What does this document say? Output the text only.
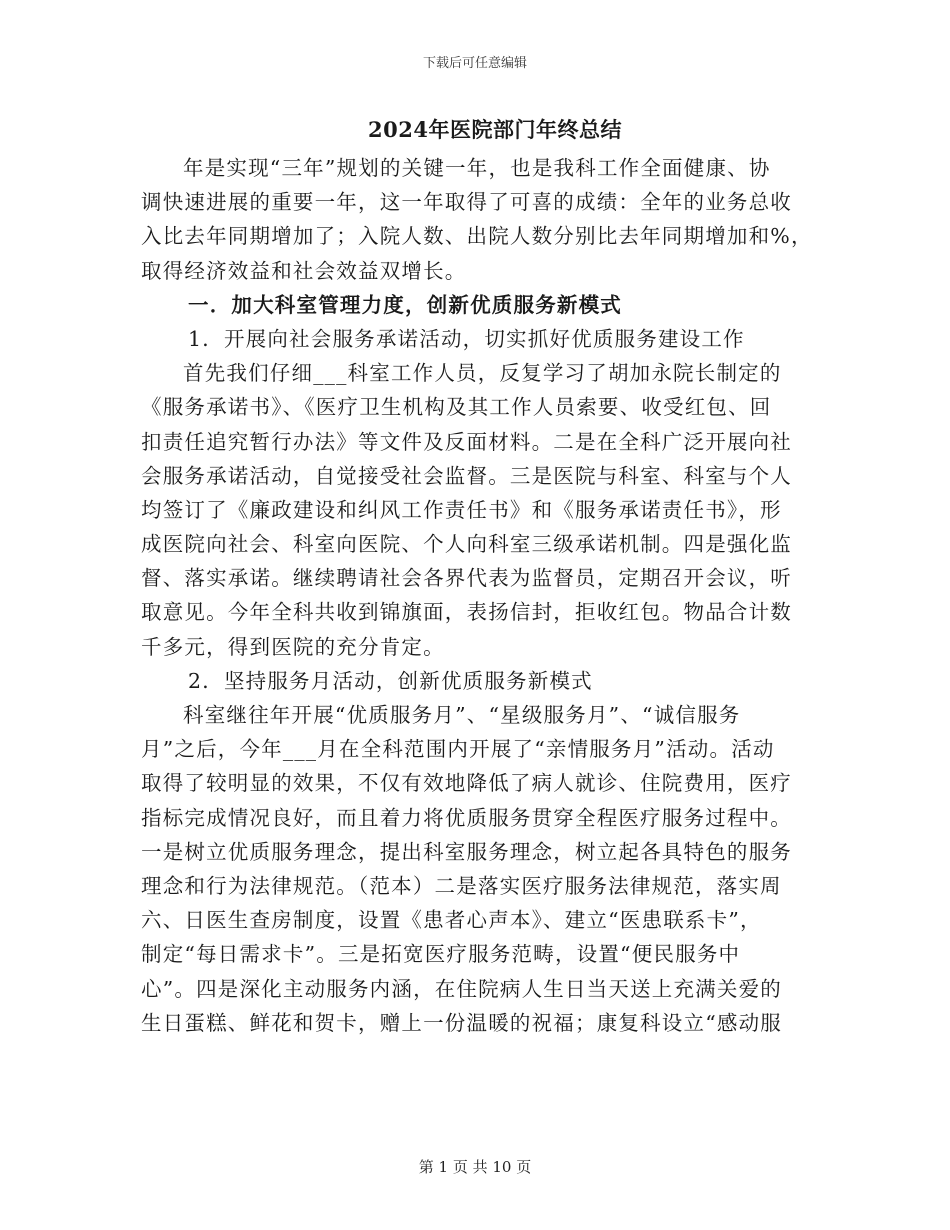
下载后可任意编辑
2024年医院部门年终总结
年是实现“三年”规划的关键一年，也是我科工作全面健康、协
调快速进展的重要一年，这一年取得了可喜的成绩：全年的业务总收
入比去年同期增加了；入院人数、出院人数分别比去年同期增加和%，
取得经济效益和社会效益双增长。
一．加大科室管理力度，创新优质服务新模式
1．开展向社会服务承诺活动，切实抓好优质服务建设工作
首先我们仔细___科室工作人员，反复学习了胡加永院长制定的
《服务承诺书》、《医疗卫生机构及其工作人员索要、收受红包、回
扣责任追究暂行办法》等文件及反面材料。二是在全科广泛开展向社
会服务承诺活动，自觉接受社会监督。三是医院与科室、科室与个人
均签订了《廉政建设和纠风工作责任书》和《服务承诺责任书》，形
成医院向社会、科室向医院、个人向科室三级承诺机制。四是强化监
督、落实承诺。继续聘请社会各界代表为监督员，定期召开会议，听
取意见。今年全科共收到锦旗面，表扬信封，拒收红包。物品合计数
千多元，得到医院的充分肯定。
2．坚持服务月活动，创新优质服务新模式
科室继往年开展“优质服务月”、“星级服务月”、“诚信服务
月”之后，今年___月在全科范围内开展了“亲情服务月”活动。活动
取得了较明显的效果，不仅有效地降低了病人就诊、住院费用，医疗
指标完成情况良好，而且着力将优质服务贯穿全程医疗服务过程中。
一是树立优质服务理念，提出科室服务理念，树立起各具特色的服务
理念和行为法律规范。（范本）二是落实医疗服务法律规范，落实周
六、日医生查房制度，设置《患者心声本》、建立“医患联系卡”，
制定“每日需求卡”。三是拓宽医疗服务范畴，设置“便民服务中
心”。四是深化主动服务内涵，在住院病人生日当天送上充满关爱的
生日蛋糕、鲜花和贺卡，赠上一份温暖的祝福；康复科设立“感动服
第 1 页 共 10 页
